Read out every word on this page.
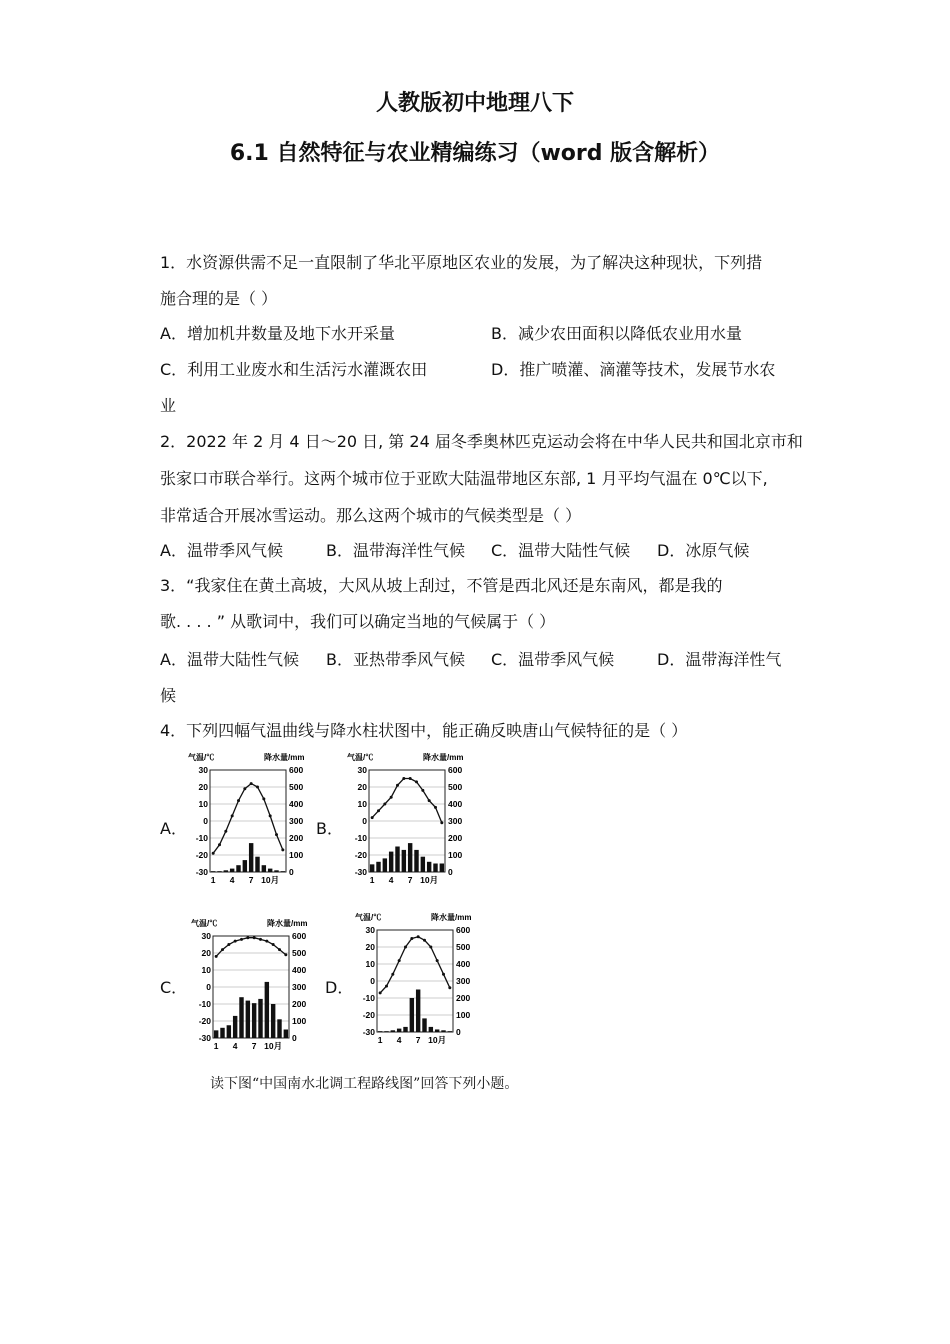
人教版初中地理八下
6.1 自然特征与农业精编练习（word 版含解析）
1．水资源供需不足一直限制了华北平原地区农业的发展，为了解决这种现状，下列措
施合理的是（ ）
A．增加机井数量及地下水开采量	B．减少农田面积以降低农业用水量
C．利用工业废水和生活污水灌溉农田	D．推广喷灌、滴灌等技术，发展节水农
业
2．2022 年 2 月 4 日～20 日, 第 24 届冬季奥林匹克运动会将在中华人民共和国北京市和
张家口市联合举行。这两个城市位于亚欧大陆温带地区东部, 1 月平均气温在 0℃以下,
非常适合开展冰雪运动。那么这两个城市的气候类型是（ ）
A．温带季风气候	B．温带海洋性气候 C．温带大陆性气候 D．冰原气候
3．“我家住在黄土高坡，大风从坡上刮过，不管是西北风还是东南风，都是我的
歌. . . . ” 从歌词中，我们可以确定当地的气候属于（ ）
A．温带大陆性气候 B．亚热带季风气候 C．温带季风气候	D．温带海洋性气
候
4．下列四幅气温曲线与降水柱状图中，能正确反映唐山气候特征的是（ ）
A．	B．
C．	D．
气温/℃	降水量/mm
30	600
20	500
10	400
0	300
-10	200
-20	100
-30	0
1 4 7 10月
气温/℃	降水量/mm
30	600
20	500
10	400
0	300
-10	200
-20	100
-30	0
1 4 7 10月
气温/℃	降水量/mm
30	600
20	500
10	400
0	300
-10	200
-20	100
-30	0
1 4 7 10月
气温/℃	降水量/mm
30	600
20	500
10	400
0	300
-10	200
-20	100
-30	0
1 4 7 10月
读下图“中国南水北调工程路线图”回答下列小题。
